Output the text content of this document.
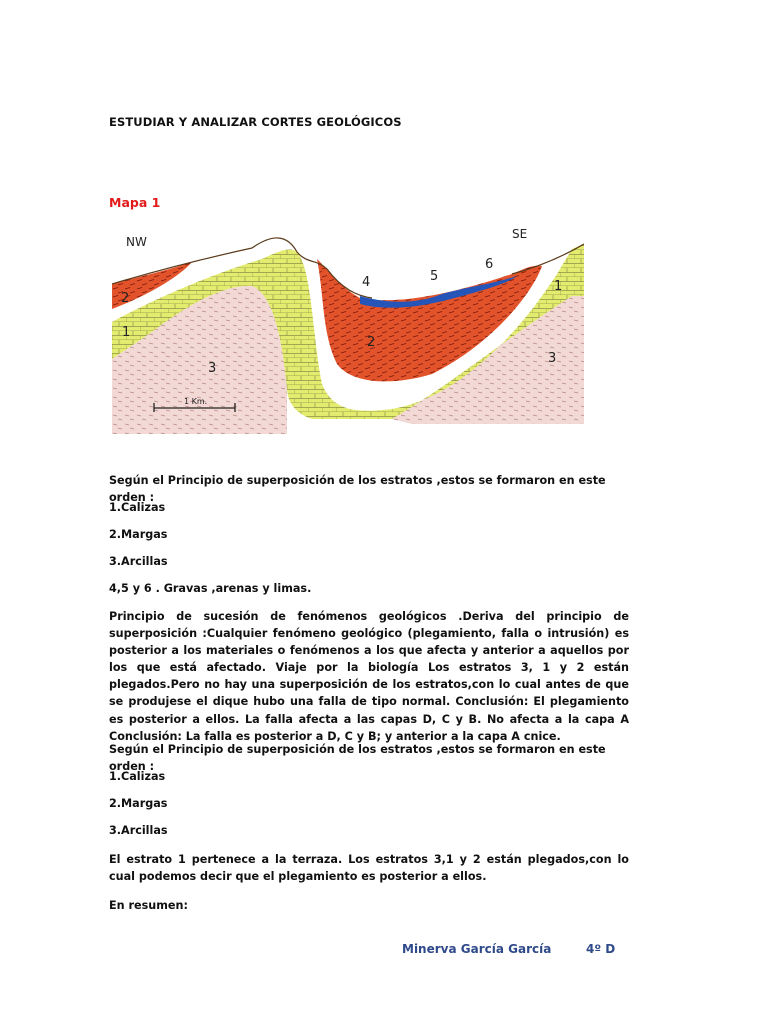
ESTUDIAR Y ANALIZAR CORTES GEOLÓGICOS
Mapa 1
NW
SE
2
1
3
2
4	5
6
1
3
1 Km.
Según el Principio de superposición de los estratos ,estos se formaron en este orden :
1.Calizas
2.Margas
3.Arcillas
4,5 y 6 . Gravas ,arenas y limas.
Principio de sucesión de fenómenos geológicos .Deriva del principio de superposición :Cualquier fenómeno geológico (plegamiento, falla o intrusión) es posterior a los materiales o fenómenos a los que afecta y anterior a aquellos por los que está afectado. Viaje por la biología Los estratos 3, 1 y 2 están plegados.Pero no hay una superposición de los estratos,con lo cual antes de que se produjese el dique hubo una falla de tipo normal. Conclusión: El plegamiento es posterior a ellos. La falla afecta a las capas D, C y B. No afecta a la capa A Conclusión: La falla es posterior a D, C y B; y anterior a la capa A cnice.
Según el Principio de superposición de los estratos ,estos se formaron en este orden :
1.Calizas
2.Margas
3.Arcillas
El estrato 1 pertenece a la terraza. Los estratos 3,1 y 2 están plegados,con lo cual podemos decir que el plegamiento es posterior a ellos.
En resumen:
Minerva García García	4º D
